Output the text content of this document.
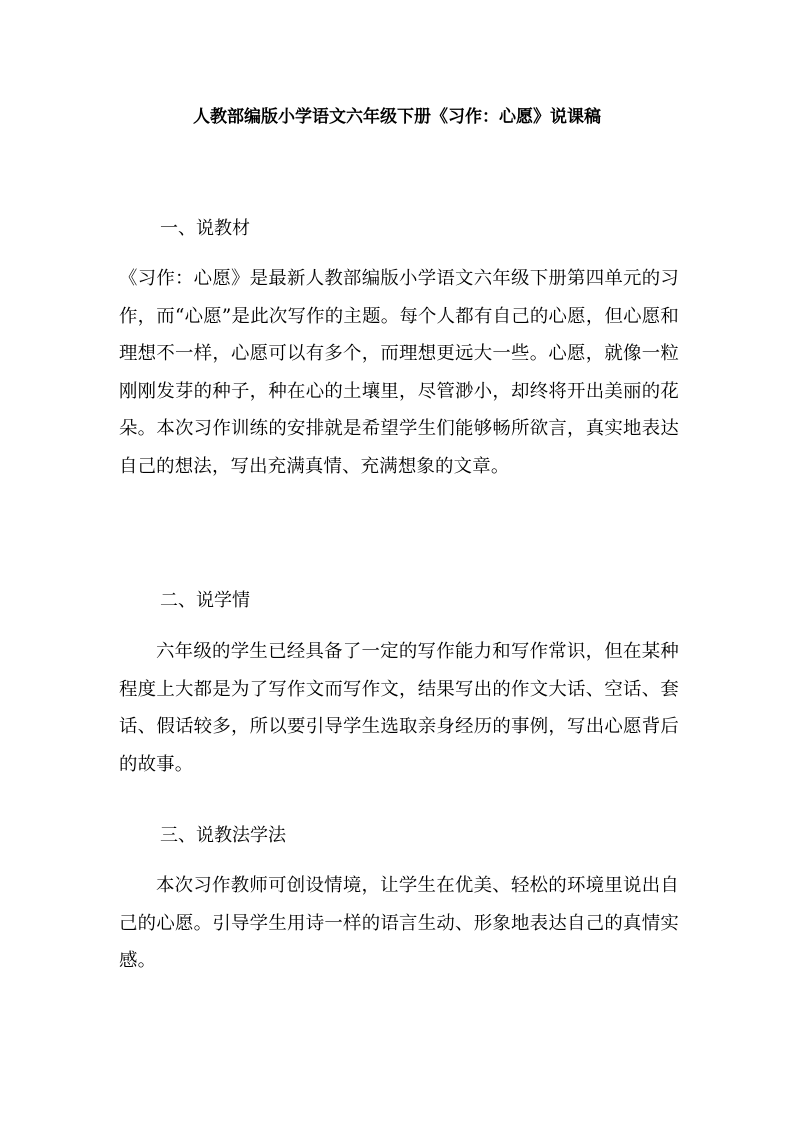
人教部编版小学语文六年级下册《习作：心愿》说课稿
一、说教材

《习作：心愿》是最新人教部编版小学语文六年级下册第四单元的习作，而“心愿”是此次写作的主题。每个人都有自己的心愿，但心愿和理想不一样，心愿可以有多个，而理想更远大一些。心愿，就像一粒刚刚发芽的种子，种在心的土壤里，尽管渺小，却终将开出美丽的花朵。本次习作训练的安排就是希望学生们能够畅所欲言，真实地表达自己的想法，写出充满真情、充满想象的文章。

二、说学情

六年级的学生已经具备了一定的写作能力和写作常识，但在某种程度上大都是为了写作文而写作文，结果写出的作文大话、空话、套话、假话较多，所以要引导学生选取亲身经历的事例，写出心愿背后的故事。

三、说教法学法

本次习作教师可创设情境，让学生在优美、轻松的环境里说出自己的心愿。引导学生用诗一样的语言生动、形象地表达自己的真情实感。
